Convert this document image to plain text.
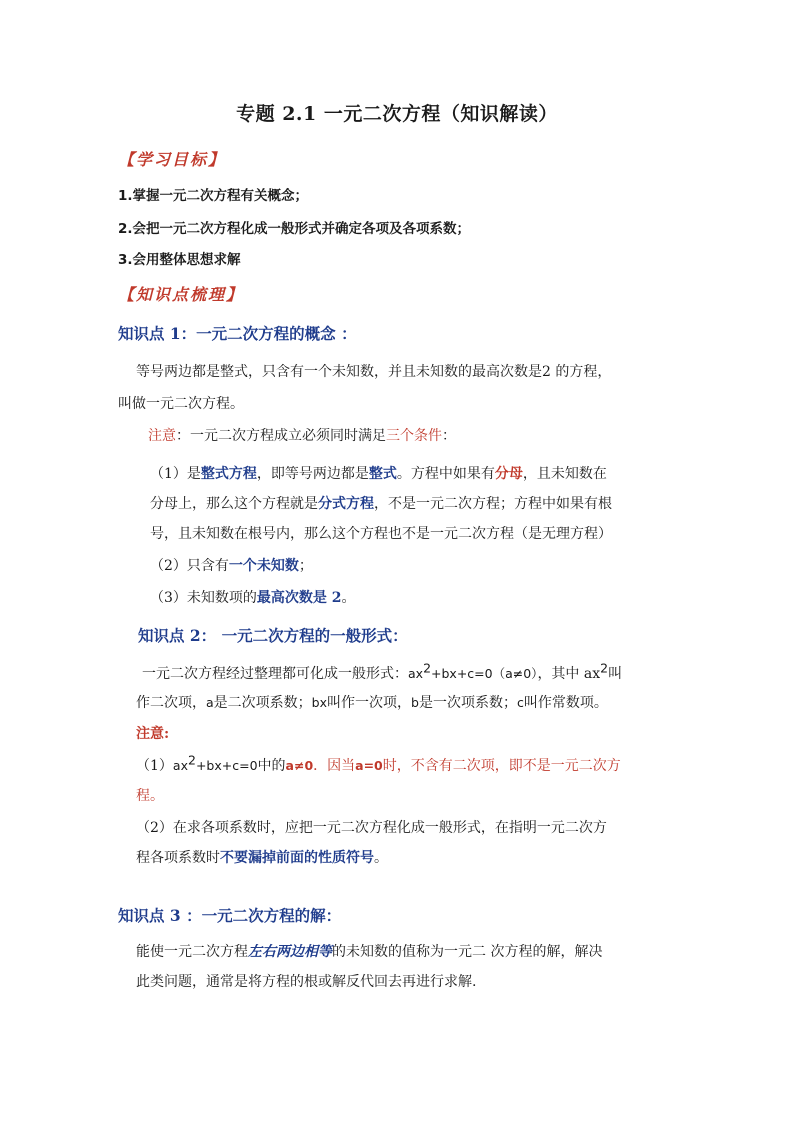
专题 2.1 一元二次方程（知识解读）
【学习目标】
1.掌握一元二次方程有关概念；
2.会把一元二次方程化成一般形式并确定各项及各项系数；
3.会用整体思想求解
【知识点梳理】
知识点 1：一元二次方程的概念 ：
等号两边都是整式，只含有一个未知数，并且未知数的最高次数是2 的方程，
叫做一元二次方程。
注意：一元二次方程成立必须同时满足三个条件：
（1）是整式方程，即等号两边都是整式。方程中如果有分母，且未知数在
分母上，那么这个方程就是分式方程，不是一元二次方程；方程中如果有根
号，且未知数在根号内，那么这个方程也不是一元二次方程（是无理方程）
（2）只含有一个未知数；
（3）未知数项的最高次数是 2。
知识点 2： 一元二次方程的一般形式：
一元二次方程经过整理都可化成一般形式：$ax^2+bx+c=0(a\ne 0)$，其中 $ax^2$叫
作二次项，a是二次项系数；bx叫作一次项，b是一次项系数；c叫作常数项。
注意:
$(1)ax^2+bx+c=0$中的a≠0．因当a=0时，不含有二次项，即不是一元二次方
程。
（2）在求各项系数时，应把一元二次方程化成一般形式，在指明一元二次方
程各项系数时不要漏掉前面的性质符号。
知识点 3 ：一元二次方程的解：
能使一元二次方程左右两边相等的未知数的值称为一元二 次方程的解，解决
此类问题，通常是将方程的根或解反代回去再进行求解.
